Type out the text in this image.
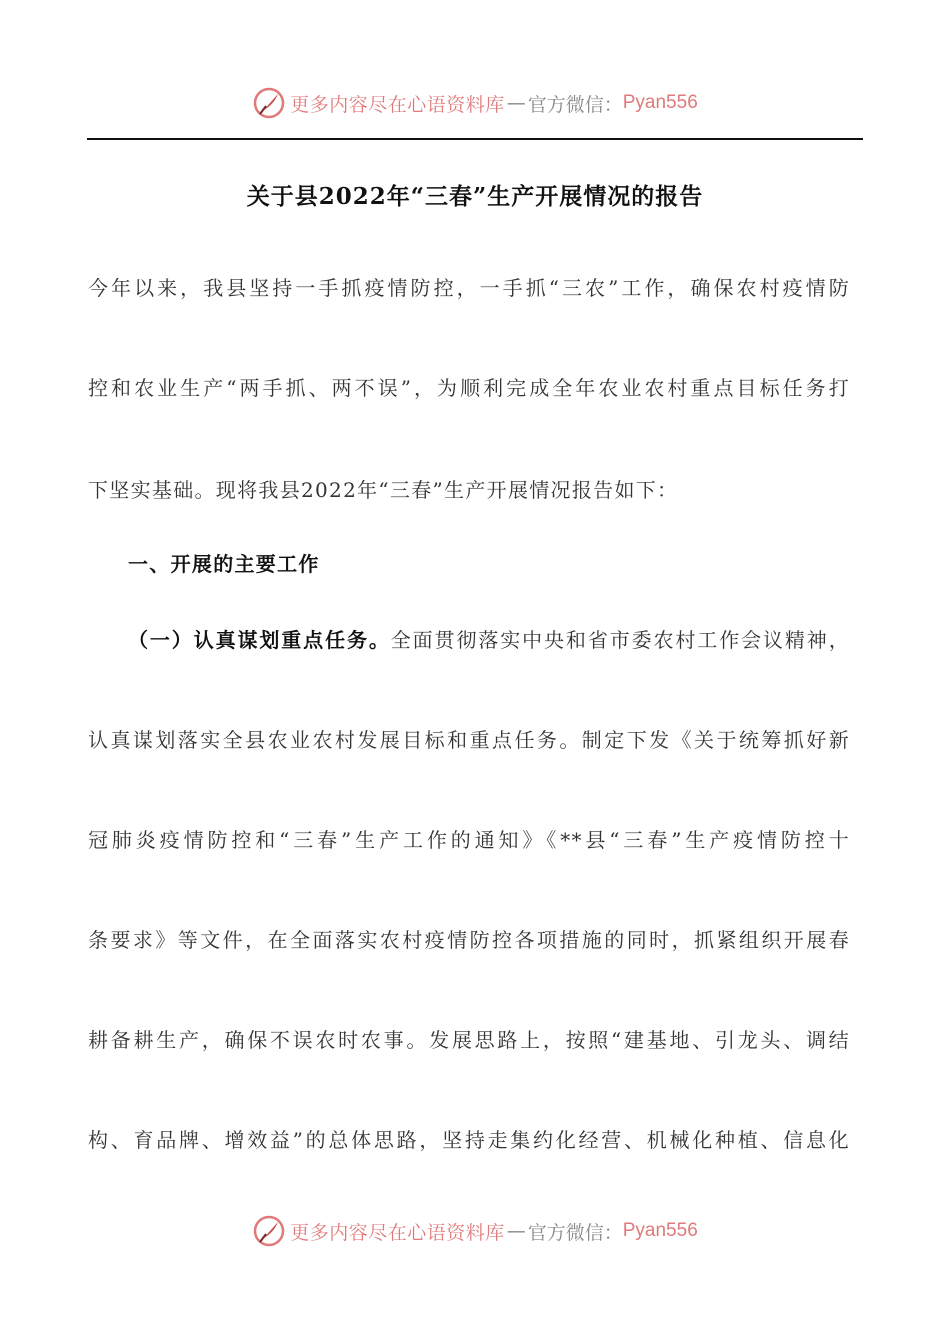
更多内容尽在心语资料库 — 官方微信： Pyan556
关于县2022年“三春”生产开展情况的报告
今年以来，我县坚持一手抓疫情防控，一手抓“三农”工作，确保农村疫情防
控和农业生产“两手抓、两不误”，为顺利完成全年农业农村重点目标任务打
下坚实基础。现将我县2022年“三春”生产开展情况报告如下：
一、开展的主要工作
（一）认真谋划重点任务。全面贯彻落实中央和省市委农村工作会议精神，
认真谋划落实全县农业农村发展目标和重点任务。制定下发《关于统筹抓好新
冠肺炎疫情防控和“三春”生产工作的通知》《**县“三春”生产疫情防控十
条要求》等文件，在全面落实农村疫情防控各项措施的同时，抓紧组织开展春
耕备耕生产，确保不误农时农事。发展思路上，按照“建基地、引龙头、调结
构、育品牌、增效益”的总体思路，坚持走集约化经营、机械化种植、信息化
更多内容尽在心语资料库 — 官方微信： Pyan556
